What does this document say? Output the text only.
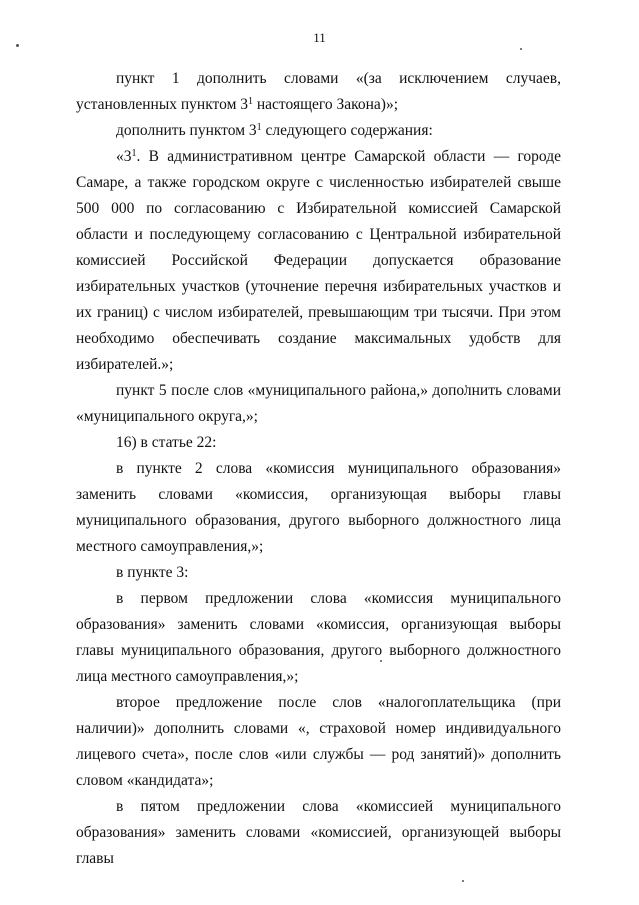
11

пункт 1 дополнить словами «(за исключением случаев, установленных пунктом $3^1$ настоящего Закона)»;

дополнить пунктом $3^1$ следующего содержания:

«$3^1$. В административном центре Самарской области — городе Самаре, а также городском округе с численностью избирателей свыше 500 000 по согласованию с Избирательной комиссией Самарской области и последующему согласованию с Центральной избирательной комиссией Российской Федерации допускается образование избирательных участков (уточнение перечня избирательных участков и их границ) с числом избирателей, превышающим три тысячи. При этом необходимо обеспечивать создание максимальных удобств для избирателей.»;

пункт 5 после слов «муниципального района,» дополнить словами «муниципального округа,»;

16) в статье 22:

в пункте 2 слова «комиссия муниципального образования» заменить словами «комиссия, организующая выборы главы муниципального образования, другого выборного должностного лица местного самоуправления,»;

в пункте 3:

в первом предложении слова «комиссия муниципального образования» заменить словами «комиссия, организующая выборы главы муниципального образования, другого выборного должностного лица местного самоуправления,»;

второе предложение после слов «налогоплательщика (при наличии)» дополнить словами «, страховой номер индивидуального лицевого счета», после слов «или службы — род занятий)» дополнить словом «кандидата»;

в пятом предложении слова «комиссией муниципального образования» заменить словами «комиссией, организующей выборы главы
